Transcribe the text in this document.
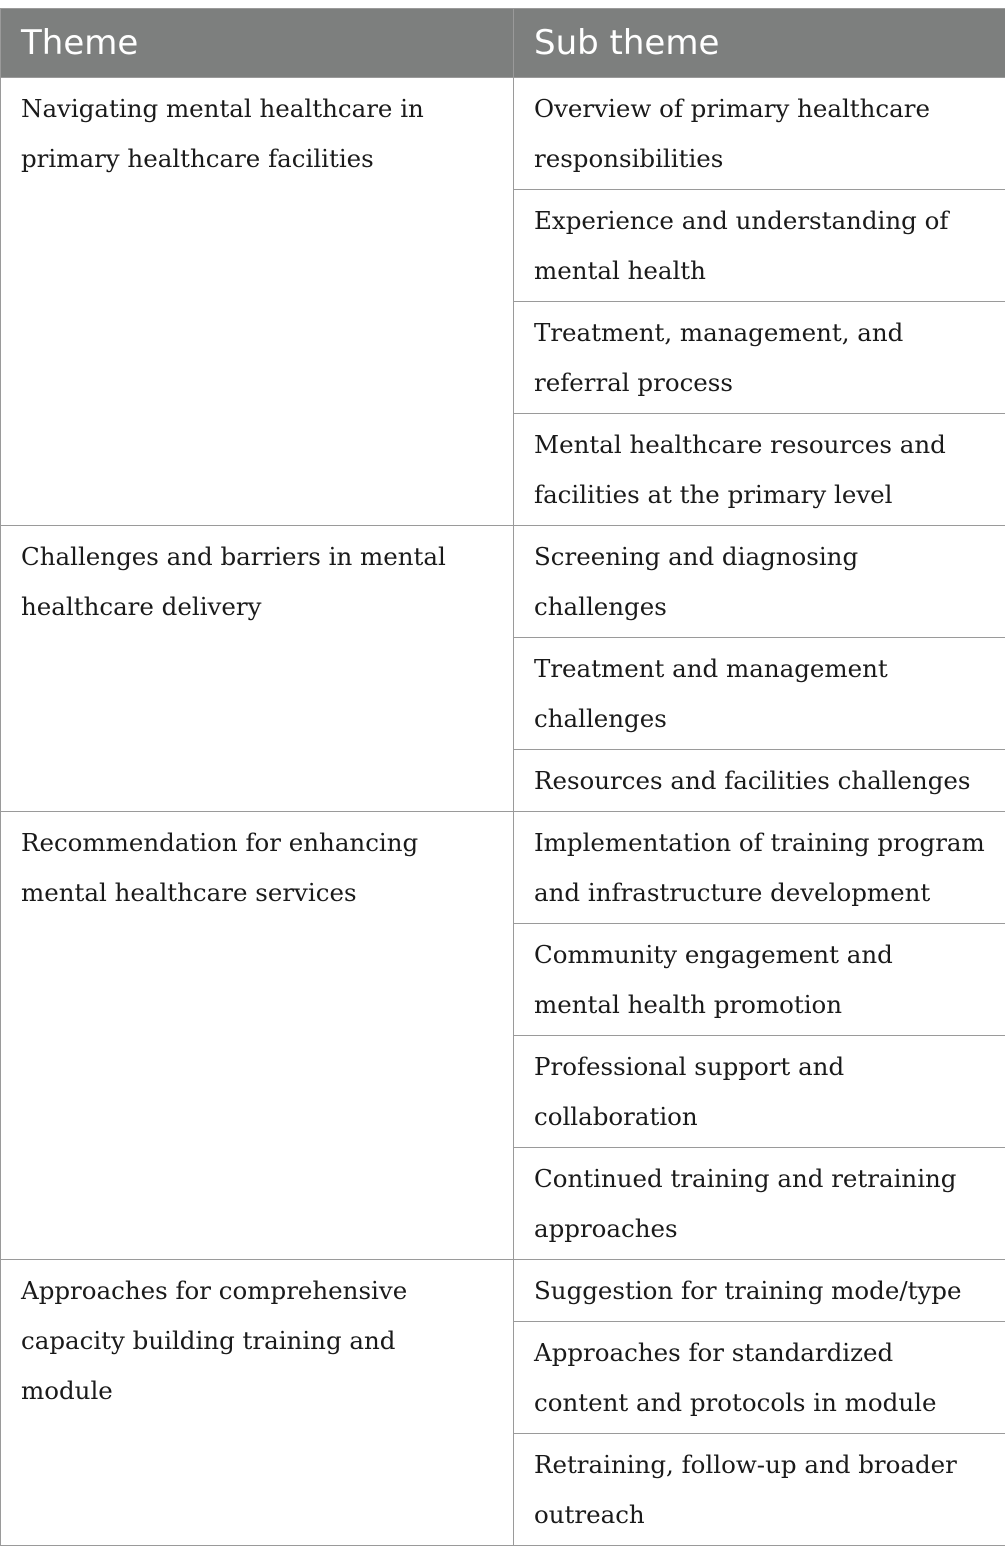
Theme	Sub theme
Navigating mental healthcare in primary healthcare facilities	Overview of primary healthcare responsibilities
	Experience and understanding of mental health
	Treatment, management, and referral process
	Mental healthcare resources and facilities at the primary level
Challenges and barriers in mental healthcare delivery	Screening and diagnosing challenges
	Treatment and management challenges
	Resources and facilities challenges
Recommendation for enhancing mental healthcare services	Implementation of training program and infrastructure development
	Community engagement and mental health promotion
	Professional support and collaboration
	Continued training and retraining approaches
Approaches for comprehensive capacity building training and module	Suggestion for training mode/type
	Approaches for standardized content and protocols in module
	Retraining, follow-up and broader outreach
